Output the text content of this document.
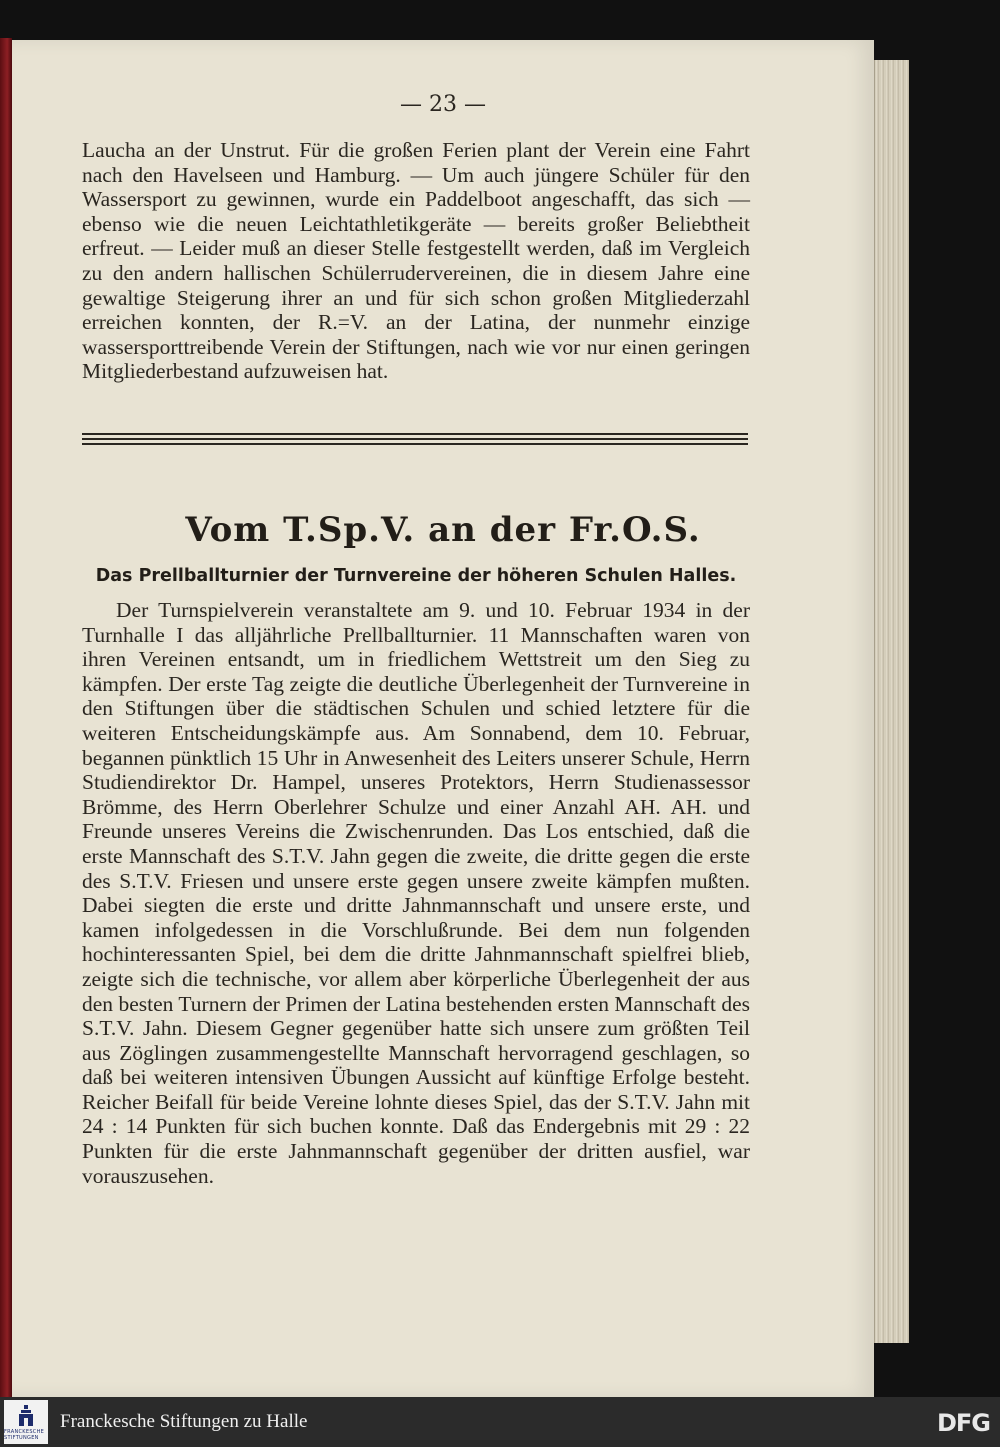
— 23 —
Laucha an der Unstrut. Für die großen Ferien plant der Verein eine Fahrt nach den Havelseen und Hamburg. — Um auch jüngere Schüler für den Wassersport zu gewinnen, wurde ein Paddelboot angeschafft, das sich — ebenso wie die neuen Leichtathletikgeräte — bereits großer Beliebtheit erfreut. — Leider muß an dieser Stelle festgestellt werden, daß im Vergleich zu den andern hallischen Schülerrudervereinen, die in diesem Jahre eine gewaltige Steigerung ihrer an und für sich schon großen Mitgliederzahl erreichen konnten, der R.=V. an der Latina, der nunmehr einzige wassersporttreibende Verein der Stiftungen, nach wie vor nur einen geringen Mitgliederbestand aufzuweisen hat.
Vom T.Sp.V. an der Fr.O.S.
Das Prellballturnier der Turnvereine der höheren Schulen Halles.
Der Turnspielverein veranstaltete am 9. und 10. Februar 1934 in der Turnhalle I das alljährliche Prellballturnier. 11 Mannschaften waren von ihren Vereinen entsandt, um in friedlichem Wettstreit um den Sieg zu kämpfen. Der erste Tag zeigte die deutliche Überlegenheit der Turnvereine in den Stiftungen über die städtischen Schulen und schied letztere für die weiteren Entscheidungskämpfe aus. Am Sonnabend, dem 10. Februar, begannen pünktlich 15 Uhr in Anwesenheit des Leiters unserer Schule, Herrn Studiendirektor Dr. Hampel, unseres Protektors, Herrn Studienassessor Brömme, des Herrn Oberlehrer Schulze und einer Anzahl AH. AH. und Freunde unseres Vereins die Zwischenrunden. Das Los entschied, daß die erste Mannschaft des S.T.V. Jahn gegen die zweite, die dritte gegen die erste des S.T.V. Friesen und unsere erste gegen unsere zweite kämpfen mußten. Dabei siegten die erste und dritte Jahnmannschaft und unsere erste, und kamen infolgedessen in die Vorschlußrunde. Bei dem nun folgenden hochinteressanten Spiel, bei dem die dritte Jahnmannschaft spielfrei blieb, zeigte sich die technische, vor allem aber körperliche Überlegenheit der aus den besten Turnern der Primen der Latina bestehenden ersten Mannschaft des S.T.V. Jahn. Diesem Gegner gegenüber hatte sich unsere zum größten Teil aus Zöglingen zusammengestellte Mannschaft hervorragend geschlagen, so daß bei weiteren intensiven Übungen Aussicht auf künftige Erfolge besteht. Reicher Beifall für beide Vereine lohnte dieses Spiel, das der S.T.V. Jahn mit 24 : 14 Punkten für sich buchen konnte. Daß das Endergebnis mit 29 : 22 Punkten für die erste Jahnmannschaft gegenüber der dritten ausfiel, war vorauszusehen.
FRANCKESCHE STIFTUNGEN
Franckesche Stiftungen zu Halle	DFG
